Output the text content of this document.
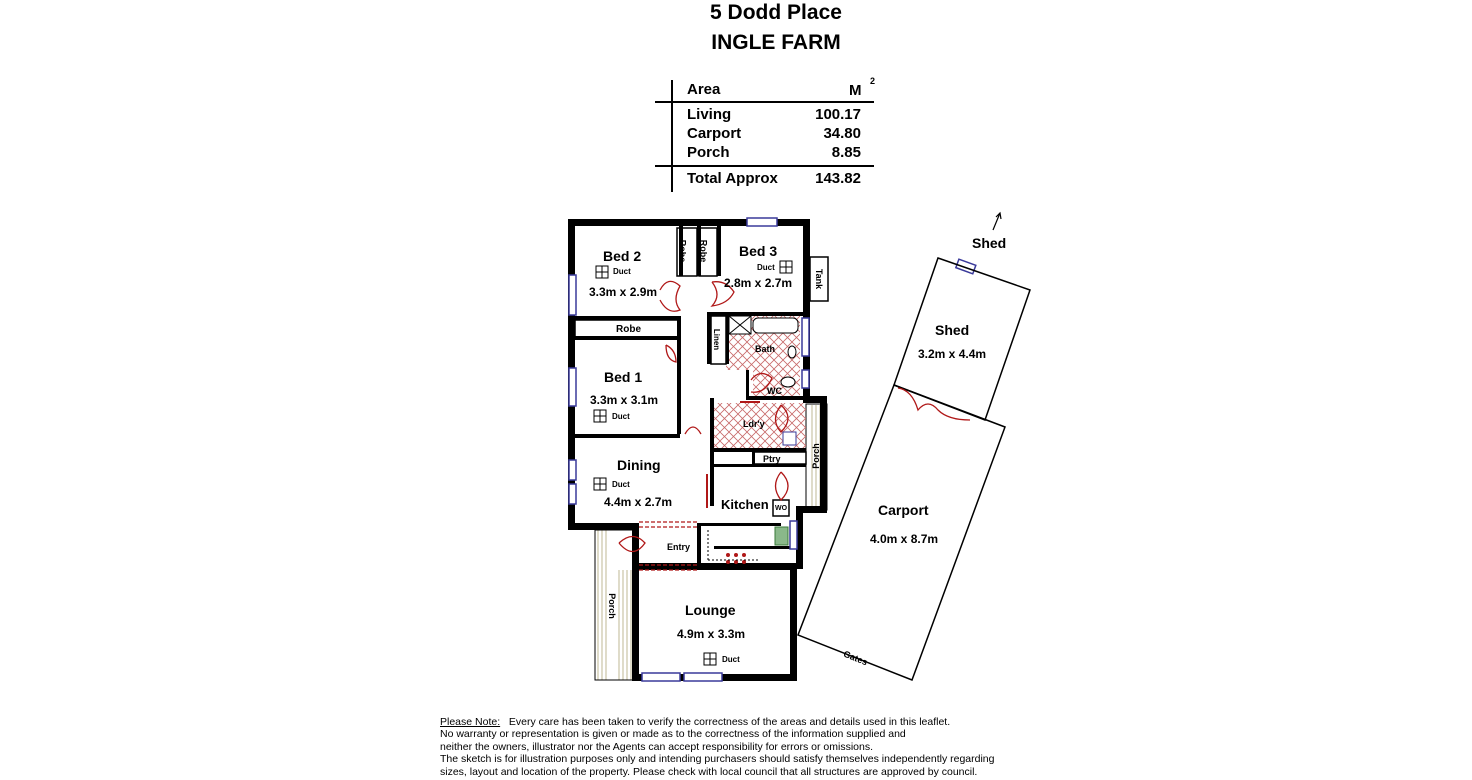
5 Dodd Place
INGLE FARM
Area	M
2
Living	100.17
Carport	34.80
Porch	8.85
Total Approx	143.82
Bed 2
Duct
3.3m x 2.9m
Bed 3
Duct
2.8m x 2.7m
Bed 1
3.3m x 3.1m
Duct
Dining
Duct
4.4m x 2.7m	Kitchen
Lounge
4.9m x 3.3m
Duct
Shed
3.2m x 4.4m
Carport
4.0m x 8.7m
Shed
Robe Robe
Robe
Tank
Linen	Bath
WC
Ldr'y
Ptry	Porch
Porch
Entry
WO
Gates
Please Note: Every care has been taken to verify the correctness of the areas and details used in this leaflet.
No warranty or representation is given or made as to the correctness of the information supplied and
neither the owners, illustrator nor the Agents can accept responsibility for errors or omissions.
The sketch is for illustration purposes only and intending purchasers should satisfy themselves independently regarding
sizes, layout and location of the property. Please check with local council that all structures are approved by council.
